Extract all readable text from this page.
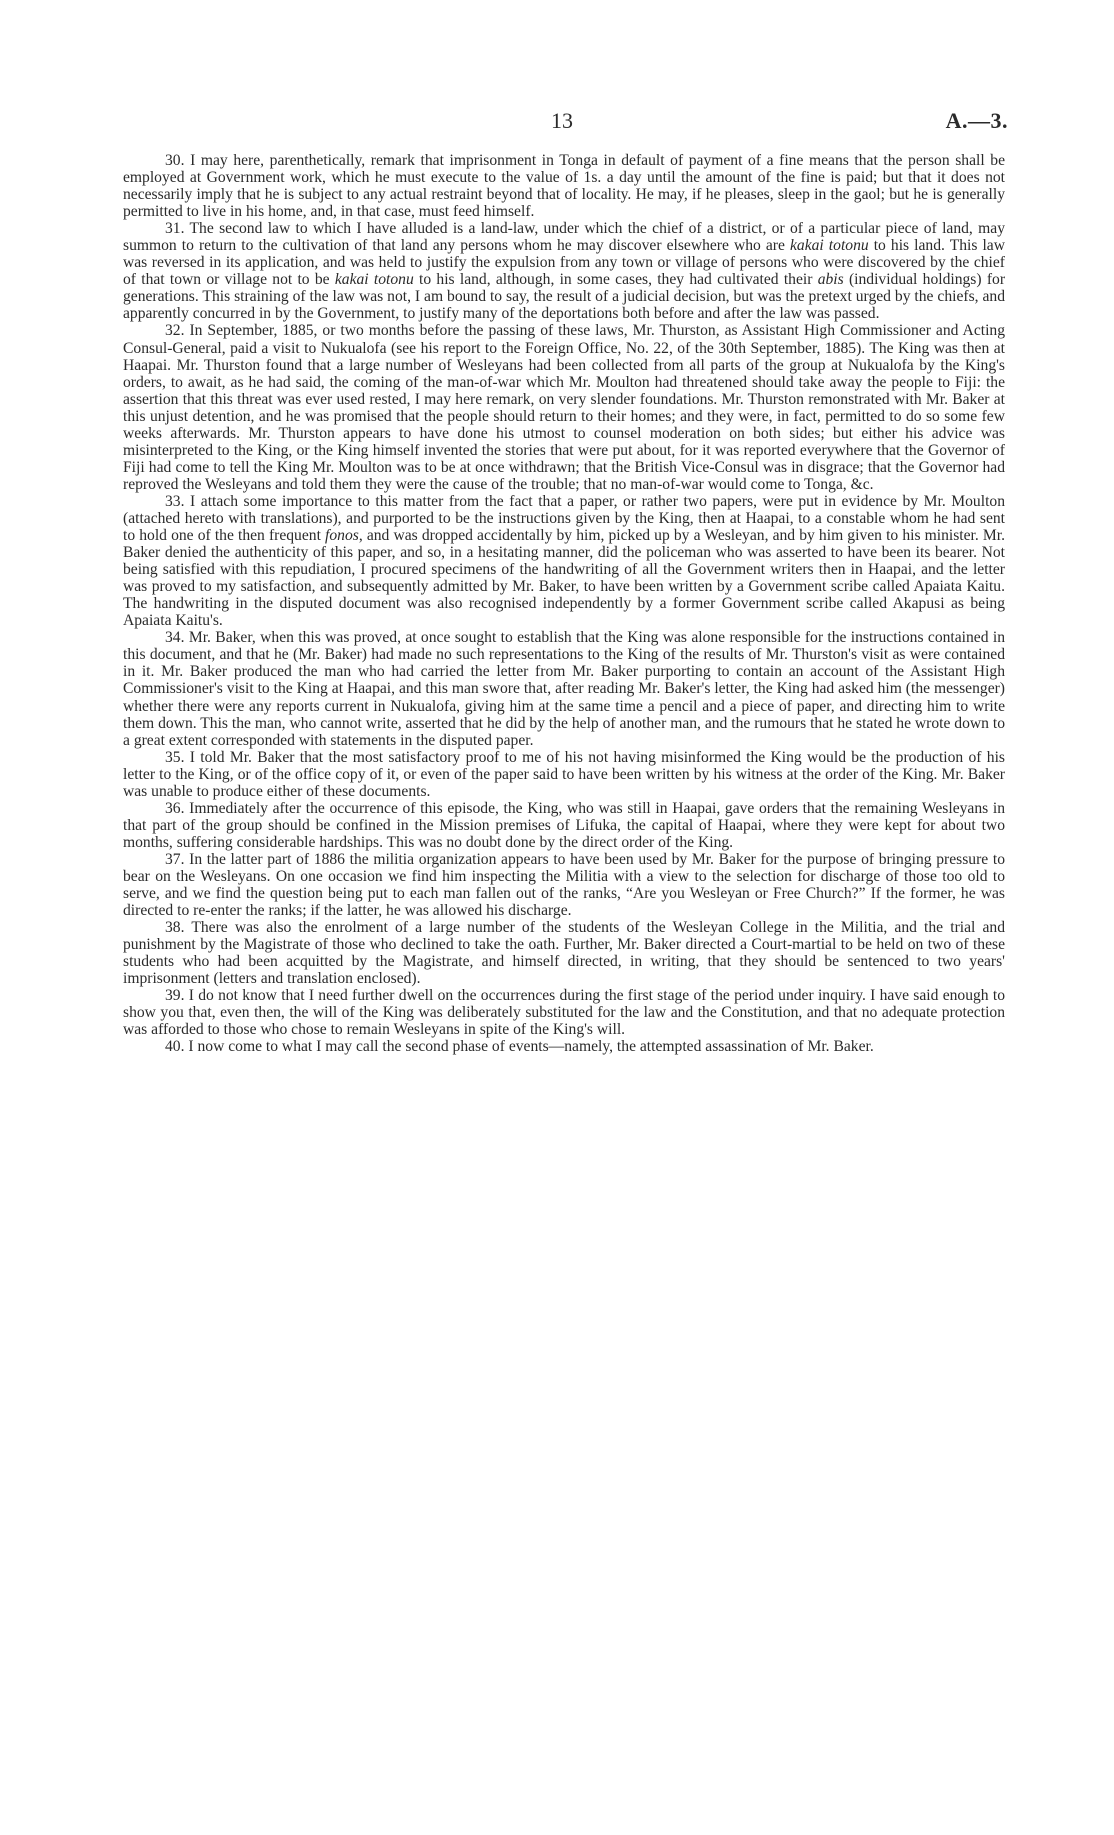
13	A.—3.

30. I may here, parenthetically, remark that imprisonment in Tonga in default of payment of a fine means that the person shall be employed at Government work, which he must execute to the value of 1s. a day until the amount of the fine is paid; but that it does not necessarily imply that he is subject to any actual restraint beyond that of locality. He may, if he pleases, sleep in the gaol; but he is generally permitted to live in his home, and, in that case, must feed himself.

31. The second law to which I have alluded is a land-law, under which the chief of a district, or of a particular piece of land, may summon to return to the cultivation of that land any persons whom he may discover elsewhere who are kakai totonu to his land. This law was reversed in its application, and was held to justify the expulsion from any town or village of persons who were discovered by the chief of that town or village not to be kakai totonu to his land, although, in some cases, they had cultivated their abis (individual holdings) for generations. This straining of the law was not, I am bound to say, the result of a judicial decision, but was the pretext urged by the chiefs, and apparently concurred in by the Government, to justify many of the deportations both before and after the law was passed.

32. In September, 1885, or two months before the passing of these laws, Mr. Thurston, as Assistant High Commissioner and Acting Consul-General, paid a visit to Nukualofa (see his report to the Foreign Office, No. 22, of the 30th September, 1885). The King was then at Haapai. Mr. Thurston found that a large number of Wesleyans had been collected from all parts of the group at Nukualofa by the King's orders, to await, as he had said, the coming of the man-of-war which Mr. Moulton had threatened should take away the people to Fiji: the assertion that this threat was ever used rested, I may here remark, on very slender foundations. Mr. Thurston remonstrated with Mr. Baker at this unjust detention, and he was promised that the people should return to their homes; and they were, in fact, permitted to do so some few weeks afterwards. Mr. Thurston appears to have done his utmost to counsel moderation on both sides; but either his advice was misinterpreted to the King, or the King himself invented the stories that were put about, for it was reported everywhere that the Governor of Fiji had come to tell the King Mr. Moulton was to be at once withdrawn; that the British Vice-Consul was in disgrace; that the Governor had reproved the Wesleyans and told them they were the cause of the trouble; that no man-of-war would come to Tonga, &c.

33. I attach some importance to this matter from the fact that a paper, or rather two papers, were put in evidence by Mr. Moulton (attached hereto with translations), and purported to be the instructions given by the King, then at Haapai, to a constable whom he had sent to hold one of the then frequent fonos, and was dropped accidentally by him, picked up by a Wesleyan, and by him given to his minister. Mr. Baker denied the authenticity of this paper, and so, in a hesitating manner, did the policeman who was asserted to have been its bearer. Not being satisfied with this repudiation, I procured specimens of the handwriting of all the Government writers then in Haapai, and the letter was proved to my satisfaction, and subsequently admitted by Mr. Baker, to have been written by a Government scribe called Apaiata Kaitu. The handwriting in the disputed document was also recognised independently by a former Government scribe called Akapusi as being Apaiata Kaitu's.

34. Mr. Baker, when this was proved, at once sought to establish that the King was alone responsible for the instructions contained in this document, and that he (Mr. Baker) had made no such representations to the King of the results of Mr. Thurston's visit as were contained in it. Mr. Baker produced the man who had carried the letter from Mr. Baker purporting to contain an account of the Assistant High Commissioner's visit to the King at Haapai, and this man swore that, after reading Mr. Baker's letter, the King had asked him (the messenger) whether there were any reports current in Nukualofa, giving him at the same time a pencil and a piece of paper, and directing him to write them down. This the man, who cannot write, asserted that he did by the help of another man, and the rumours that he stated he wrote down to a great extent corresponded with statements in the disputed paper.

35. I told Mr. Baker that the most satisfactory proof to me of his not having misinformed the King would be the production of his letter to the King, or of the office copy of it, or even of the paper said to have been written by his witness at the order of the King. Mr. Baker was unable to produce either of these documents.

36. Immediately after the occurrence of this episode, the King, who was still in Haapai, gave orders that the remaining Wesleyans in that part of the group should be confined in the Mission premises of Lifuka, the capital of Haapai, where they were kept for about two months, suffering considerable hardships. This was no doubt done by the direct order of the King.

37. In the latter part of 1886 the militia organization appears to have been used by Mr. Baker for the purpose of bringing pressure to bear on the Wesleyans. On one occasion we find him inspecting the Militia with a view to the selection for discharge of those too old to serve, and we find the question being put to each man fallen out of the ranks, “Are you Wesleyan or Free Church?” If the former, he was directed to re-enter the ranks; if the latter, he was allowed his discharge.

38. There was also the enrolment of a large number of the students of the Wesleyan College in the Militia, and the trial and punishment by the Magistrate of those who declined to take the oath. Further, Mr. Baker directed a Court-martial to be held on two of these students who had been acquitted by the Magistrate, and himself directed, in writing, that they should be sentenced to two years' imprisonment (letters and translation enclosed).

39. I do not know that I need further dwell on the occurrences during the first stage of the period under inquiry. I have said enough to show you that, even then, the will of the King was deliberately substituted for the law and the Constitution, and that no adequate protection was afforded to those who chose to remain Wesleyans in spite of the King's will.

40. I now come to what I may call the second phase of events—namely, the attempted assassination of Mr. Baker.
